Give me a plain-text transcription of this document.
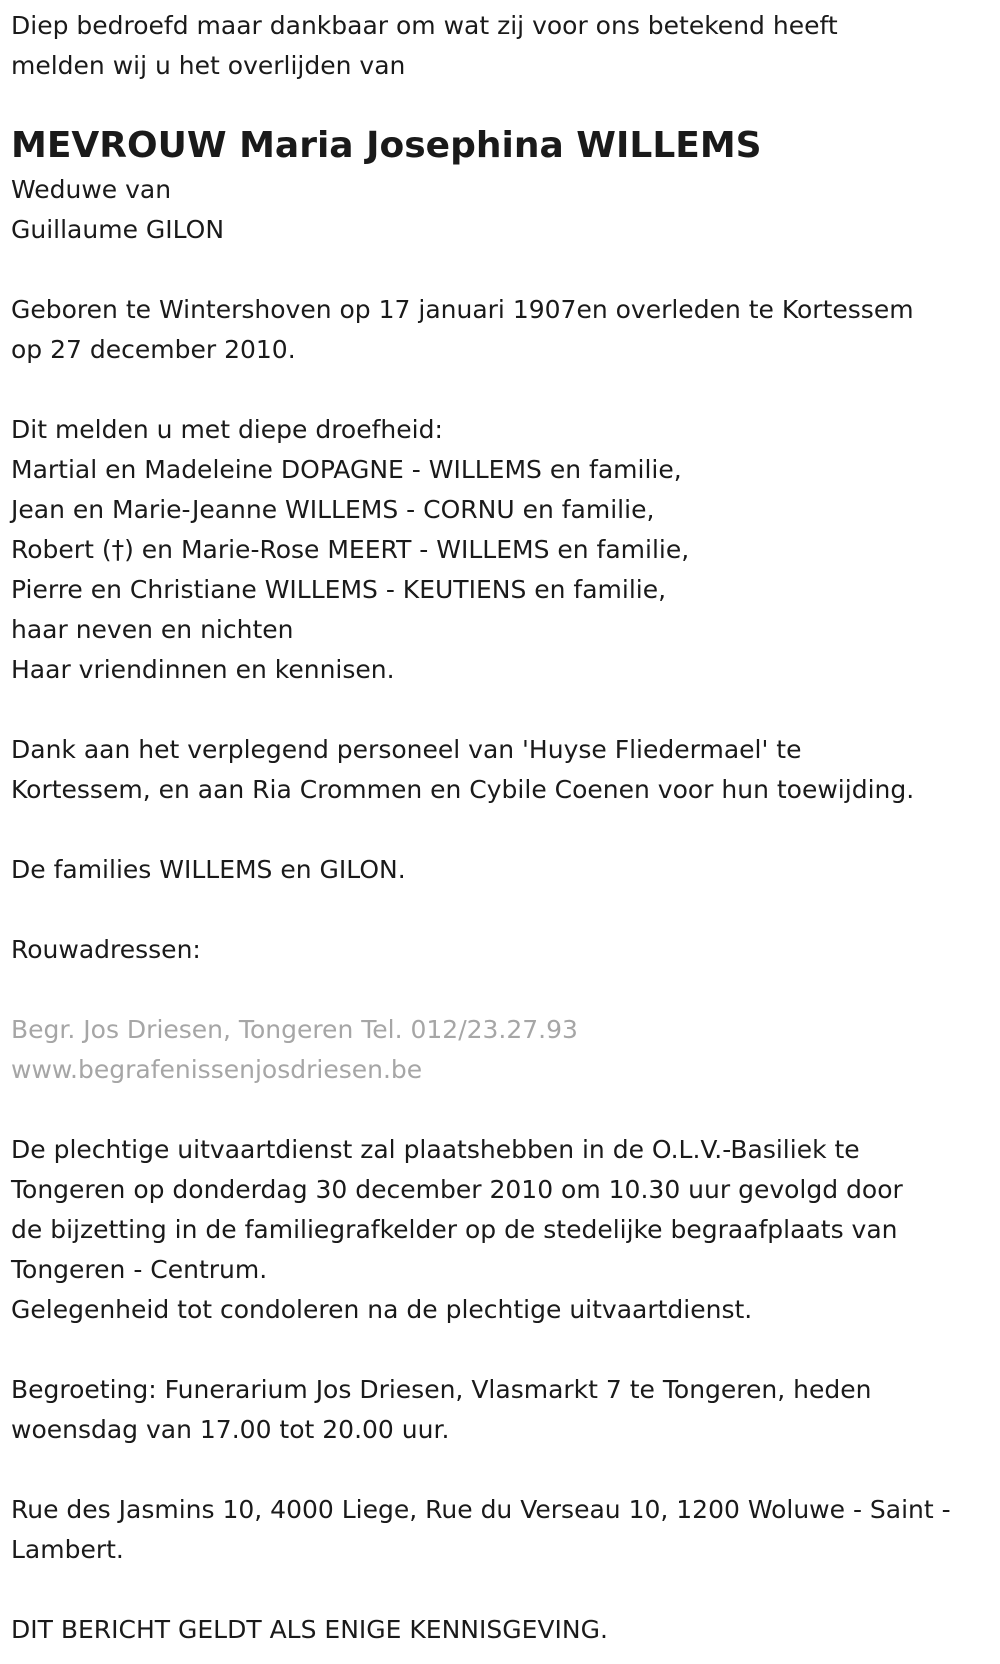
Diep bedroefd maar dankbaar om wat zij voor ons betekend heeft
melden wij u het overlijden van
MEVROUW Maria Josephina WILLEMS
Weduwe van
Guillaume GILON
Geboren te Wintershoven op 17 januari 1907en overleden te Kortessem
op 27 december 2010.
Dit melden u met diepe droefheid:
Martial en Madeleine DOPAGNE - WILLEMS en familie,
Jean en Marie-Jeanne WILLEMS - CORNU en familie,
Robert (†) en Marie-Rose MEERT - WILLEMS en familie,
Pierre en Christiane WILLEMS - KEUTIENS en familie,
haar neven en nichten
Haar vriendinnen en kennisen.
Dank aan het verplegend personeel van 'Huyse Fliedermael' te
Kortessem, en aan Ria Crommen en Cybile Coenen voor hun toewijding.
De families WILLEMS en GILON.
Rouwadressen:
Begr. Jos Driesen, Tongeren Tel. 012/23.27.93
www.begrafenissenjosdriesen.be
De plechtige uitvaartdienst zal plaatshebben in de O.L.V.-Basiliek te
Tongeren op donderdag 30 december 2010 om 10.30 uur gevolgd door
de bijzetting in de familiegrafkelder op de stedelijke begraafplaats van
Tongeren - Centrum.
Gelegenheid tot condoleren na de plechtige uitvaartdienst.
Begroeting: Funerarium Jos Driesen, Vlasmarkt 7 te Tongeren, heden
woensdag van 17.00 tot 20.00 uur.
Rue des Jasmins 10, 4000 Liege, Rue du Verseau 10, 1200 Woluwe - Saint -
Lambert.
DIT BERICHT GELDT ALS ENIGE KENNISGEVING.
